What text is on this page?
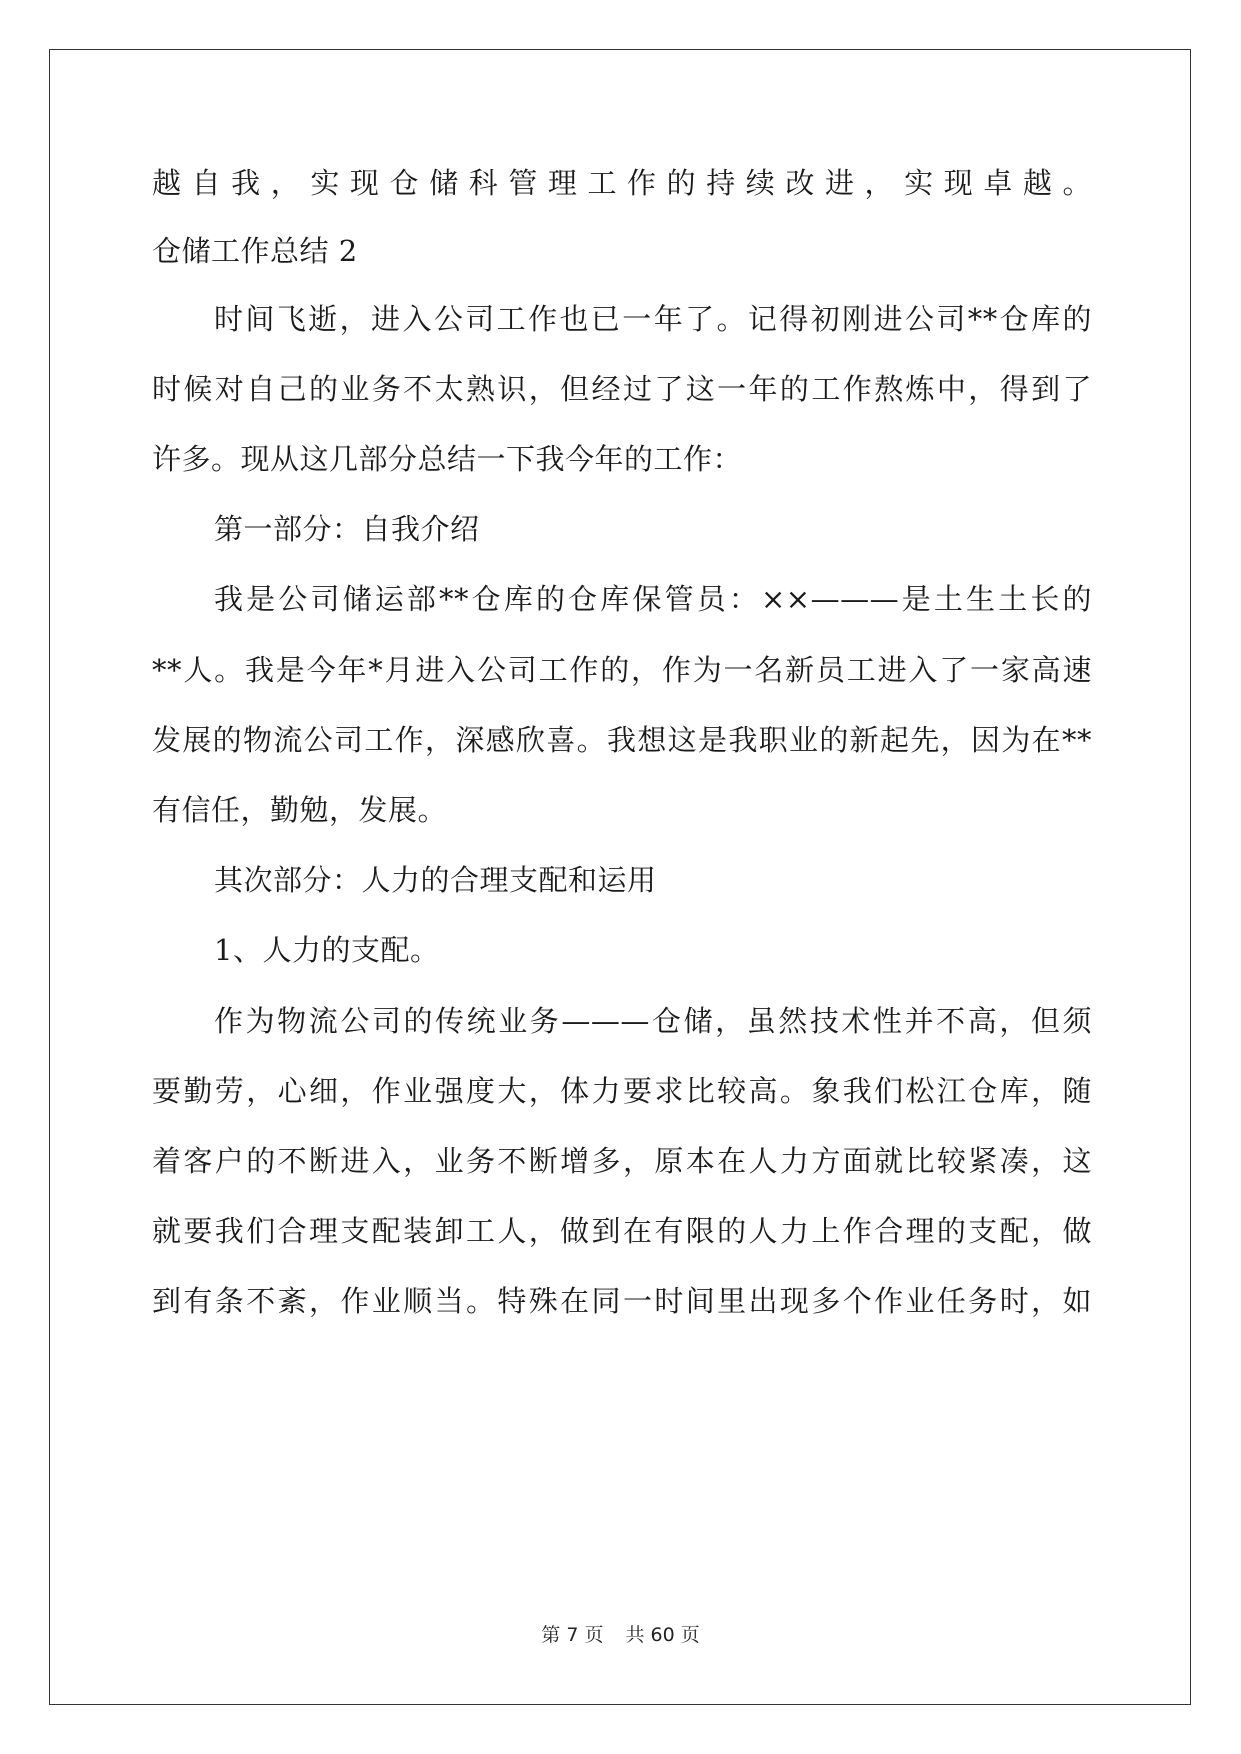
越自我，实现仓储科管理工作的持续改进，实现卓越。
仓储工作总结 2
时间飞逝，进入公司工作也已一年了。记得初刚进公司**仓库的
时候对自己的业务不太熟识，但经过了这一年的工作熬炼中，得到了
许多。现从这几部分总结一下我今年的工作：
第一部分：自我介绍
我是公司储运部**仓库的仓库保管员：××———是土生土长的
**人。我是今年*月进入公司工作的，作为一名新员工进入了一家高速
发展的物流公司工作，深感欣喜。我想这是我职业的新起先，因为在**
有信任，勤勉，发展。
其次部分：人力的合理支配和运用
1、人力的支配。
作为物流公司的传统业务———仓储，虽然技术性并不高，但须
要勤劳，心细，作业强度大，体力要求比较高。象我们松江仓库，随
着客户的不断进入，业务不断增多，原本在人力方面就比较紧凑，这
就要我们合理支配装卸工人，做到在有限的人力上作合理的支配，做
到有条不紊，作业顺当。特殊在同一时间里出现多个作业任务时，如
第 7 页 共 60 页
